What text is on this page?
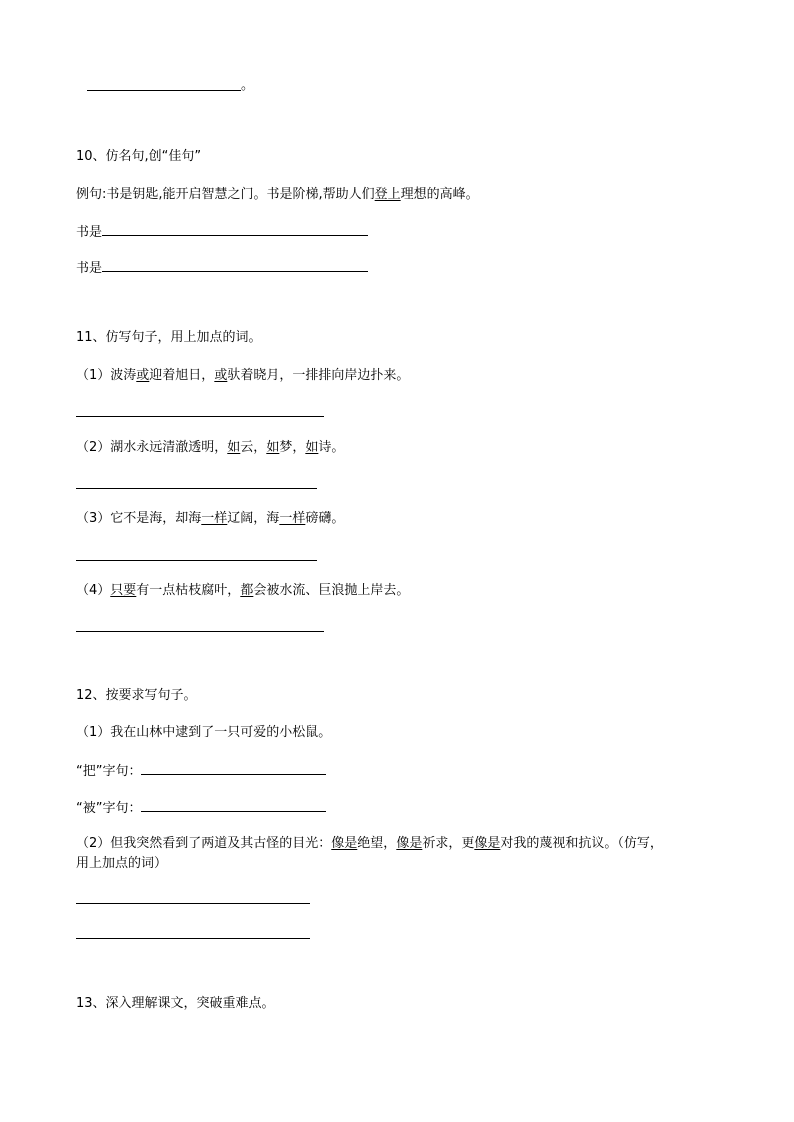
。
10、仿名句,创“佳句”
例句:书是钥匙,能开启智慧之门。书是阶梯,帮助人们登上理想的高峰。
书是
书是
11、仿写句子，用上加点的词。
（1）波涛或迎着旭日，或驮着晓月，一排排向岸边扑来。
（2）湖水永远清澈透明，如云，如梦，如诗。
（3）它不是海，却海一样辽阔，海一样磅礴。
（4）只要有一点枯枝腐叶，都会被水流、巨浪抛上岸去。
12、按要求写句子。
（1）我在山林中逮到了一只可爱的小松鼠。
“把”字句：
“被”字句：
（2）但我突然看到了两道及其古怪的目光：像是绝望，像是祈求，更像是对我的蔑视和抗议。（仿写，
用上加点的词）
13、深入理解课文，突破重难点。
